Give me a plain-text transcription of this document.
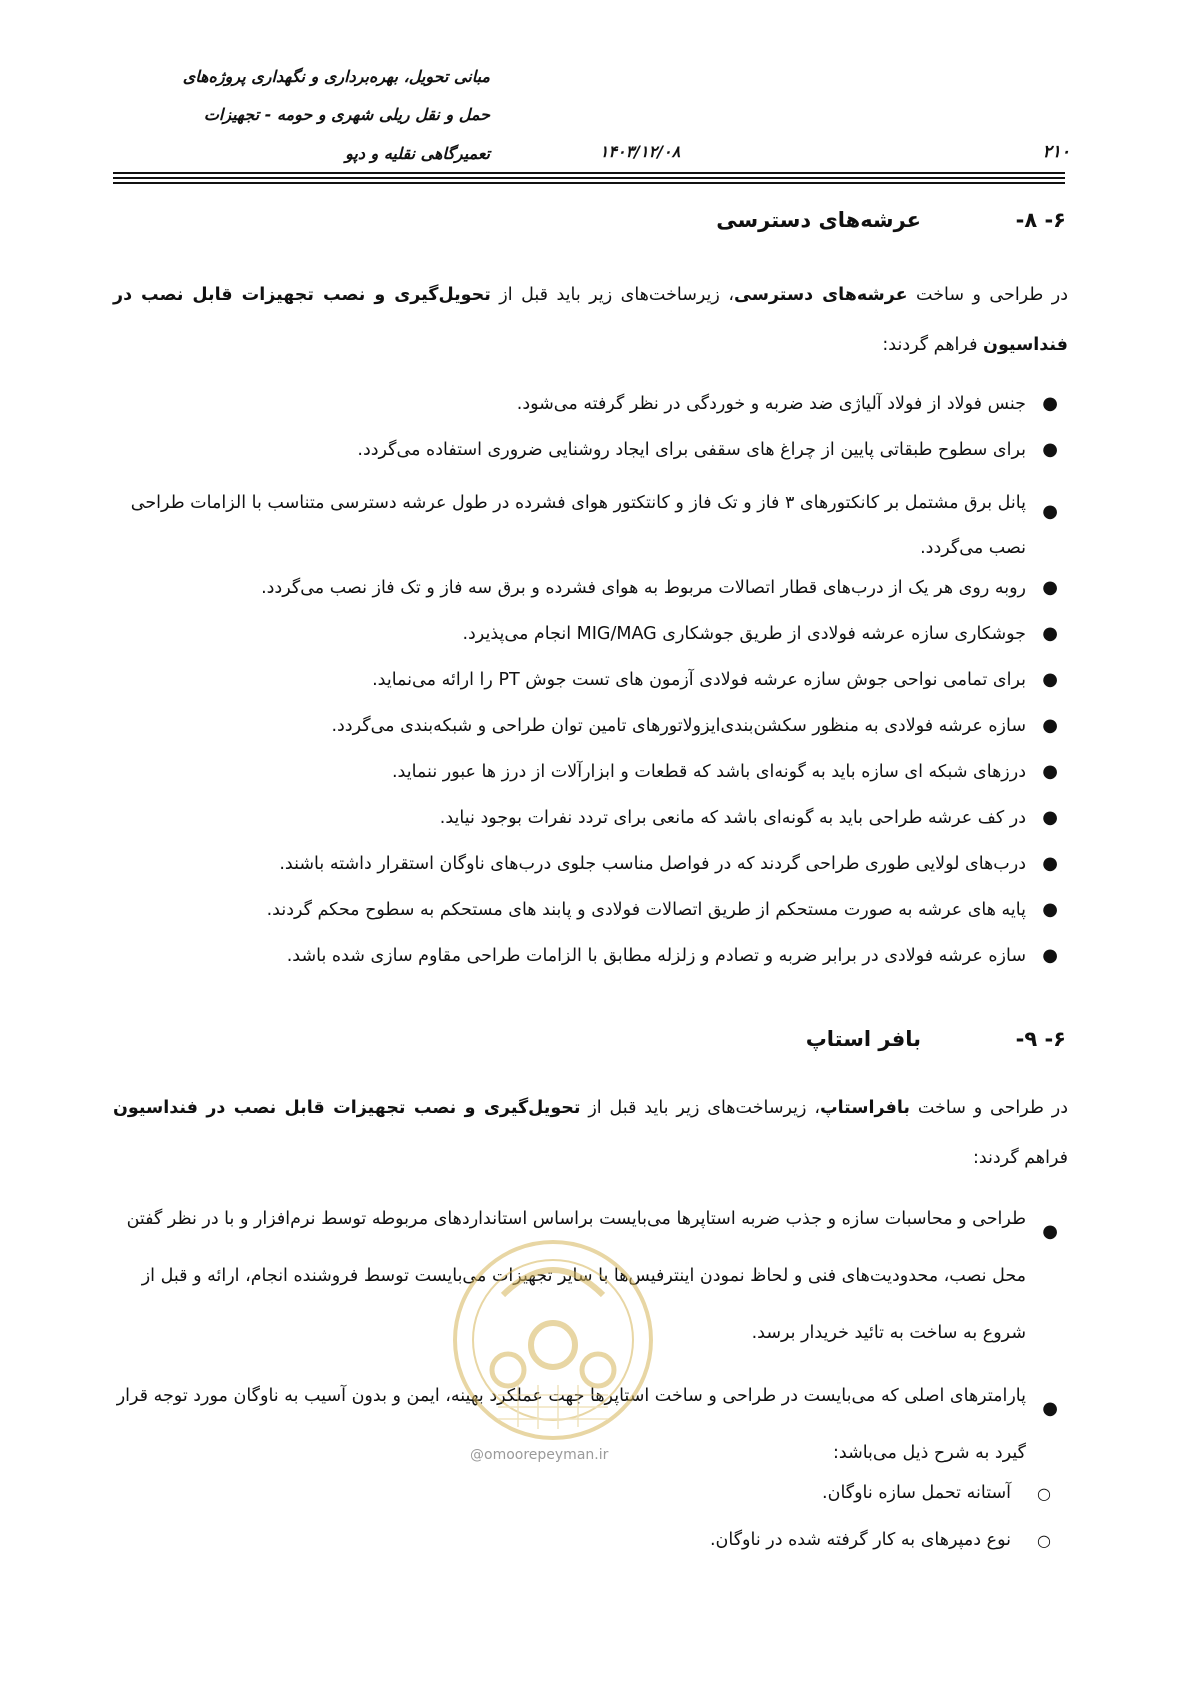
مبانی تحویل، بهره‌برداری و نگهداری پروژه‌های
حمل و نقل ریلی شهری و حومه - تجهیزات
تعمیرگاهی نقلیه و دپو	۱۴۰۳/۱۲/۰۸	۲۱۰
۶- ۸-
عرشه‌های دسترسی

در طراحی و ساخت عرشه‌های دسترسی، زیرساخت‌های زیر باید قبل از تحویل‌گیری و نصب تجهیزات قابل نصب در فنداسیون فراهم گردند:

●
جنس فولاد از فولاد آلیاژی ضد ضربه و خوردگی در نظر گرفته می‌شود.
●
برای سطوح طبقاتی پایین از چراغ های سقفی برای ایجاد روشنایی ضروری استفاده می‌گردد.
●
پانل برق مشتمل بر کانکتورهای ۳ فاز و تک فاز و کانتکتور هوای فشرده در طول عرشه دسترسی متناسب با الزامات طراحی نصب می‌گردد.
●
روبه روی هر یک از درب‌های قطار اتصالات مربوط به هوای فشرده و برق سه فاز و تک فاز نصب می‌گردد.
●
جوشکاری سازه عرشه فولادی از طریق جوشکاری MIG/MAG انجام می‌پذیرد.
●
برای تمامی نواحی جوش سازه عرشه فولادی آزمون های تست جوش PT را ارائه می‌نماید.
●
سازه عرشه فولادی به منظور سکشن‌بندی‌ایزولاتورهای تامین توان طراحی و شبکه‌بندی می‌گردد.
●
درزهای شبکه ای سازه باید به گونه‌ای باشد که قطعات و ابزارآلات از درز ها عبور ننماید.
●
در کف عرشه طراحی باید به گونه‌ای باشد که مانعی برای تردد نفرات بوجود نیاید.
●
درب‌های لولایی طوری طراحی گردند که در فواصل مناسب جلوی درب‌های ناوگان استقرار داشته باشند.
●
پایه های عرشه به صورت مستحکم از طریق اتصالات فولادی و پابند های مستحکم به سطوح محکم گردند.
●
سازه عرشه فولادی در برابر ضربه و تصادم و زلزله مطابق با الزامات طراحی مقاوم سازی شده باشد.
۶- ۹-
بافر استاپ

در طراحی و ساخت بافراستاپ، زیرساخت‌های زیر باید قبل از تحویل‌گیری و نصب تجهیزات قابل نصب در فنداسیون فراهم گردند:

●
طراحی و محاسبات سازه و جذب ضربه استاپرها می‌بایست براساس استانداردهای مربوطه توسط نرم‌افزار و با در نظر گفتن محل نصب، محدودیت‌های فنی و لحاظ نمودن اینترفیس‌ها با سایر تجهیزات می‌بایست توسط فروشنده انجام، ارائه و قبل از شروع به ساخت به تائید خریدار برسد.
●
پارامترهای اصلی که می‌بایست در طراحی و ساخت استاپرها جهت عملکرد بهینه، ایمن و بدون آسیب به ناوگان مورد توجه قرار گیرد به شرح ذیل می‌باشد:
○
آستانه تحمل سازه ناوگان.
○
نوع دمپرهای به کار گرفته شده در ناوگان.
@omoorepeyman.ir
